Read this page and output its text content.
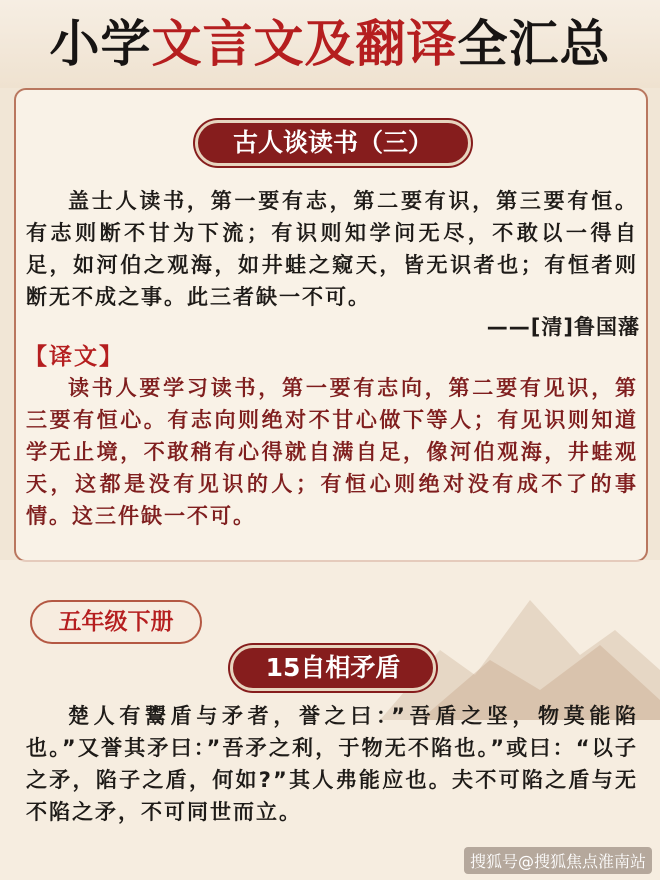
小学文言文及翻译全汇总
古人谈读书（三）

盖士人读书，第一要有志，第二要有识，第三要有恒。有志则断不甘为下流；有识则知学问无尽，不敢以一得自足，如河伯之观海，如井蛙之窥天，皆无识者也；有恒者则断无不成之事。此三者缺一不可。

——[清]鲁国藩
【译文】

读书人要学习读书，第一要有志向，第二要有见识，第三要有恒心。有志向则绝对不甘心做下等人；有见识则知道学无止境，不敢稍有心得就自满自足，像河伯观海，井蛙观天，这都是没有见识的人；有恒心则绝对没有成不了的事情。这三件缺一不可。

五年级下册
15自相矛盾

楚人有鬻盾与矛者，誉之曰：”吾盾之坚，物莫能陷也。”又誉其矛曰：”吾矛之利，于物无不陷也。”或曰：“以子之矛，陷子之盾，何如?”其人弗能应也。夫不可陷之盾与无不陷之矛，不可同世而立。

搜狐号@搜狐焦点淮南站
